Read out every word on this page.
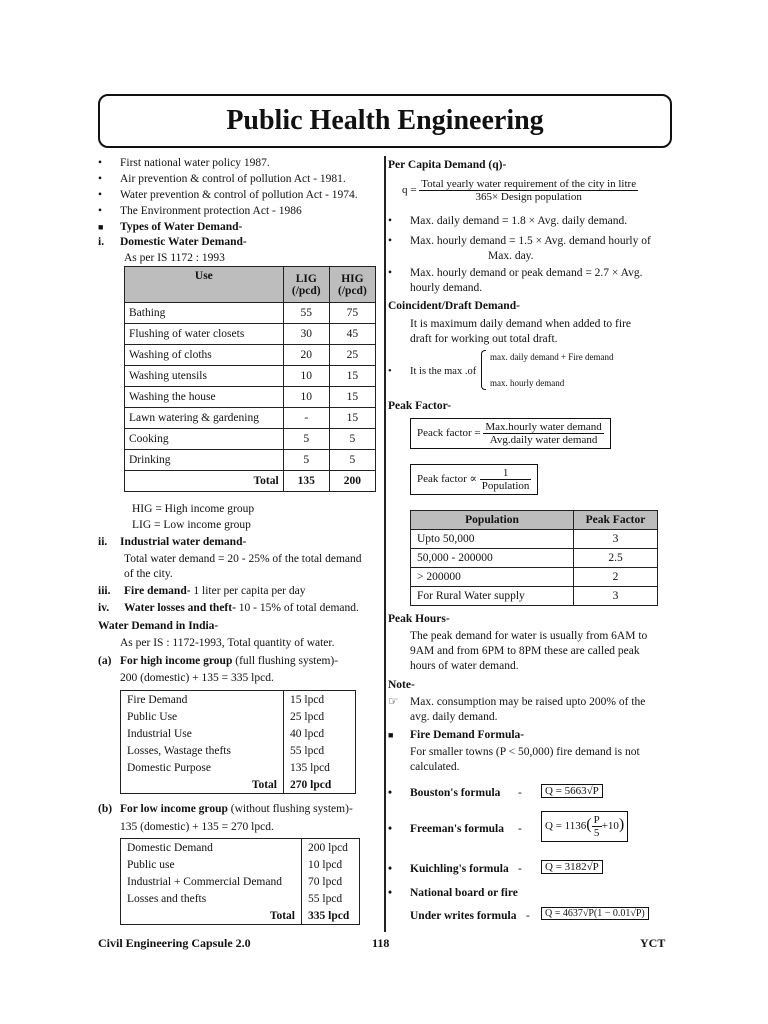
Public Health Engineering
• First national water policy 1987.
• Air prevention & control of pollution Act - 1981.
• Water prevention & control of pollution Act - 1974.
• The Environment protection Act - 1986
■ Types of Water Demand-
i. Domestic Water Demand-
As per IS 1172 : 1993
Use	LIG (/pcd)	HIG (/pcd)
Bathing	55	75
Flushing of water closets	30	45
Washing of cloths	20	25
Washing utensils	10	15
Washing the house	10	15
Lawn watering & gardening	-	15
Cooking	5	5
Drinking	5	5
Total	135	200
HIG = High income group
LIG = Low income group
ii. Industrial water demand-
Total water demand = 20 - 25% of the total demand
of the city.
iii. Fire demand- 1 liter per capita per day
iv. Water losses and theft- 10 - 15% of total demand.
Water Demand in India-
As per IS : 1172-1993, Total quantity of water.
(a) For high income group (full flushing system)-
200 (domestic) + 135 = 335 lpcd.
Fire Demand	15 lpcd
Public Use	25 lpcd
Industrial Use	40 lpcd
Losses, Wastage thefts	55 lpcd
Domestic Purpose	135 lpcd
Total	270 lpcd
(b) For low income group (without flushing system)-
135 (domestic) + 135 = 270 lpcd.
Domestic Demand	200 lpcd
Public use	10 lpcd
Industrial + Commercial Demand	70 lpcd
Losses and thefts	55 lpcd
Total	335 lpcd
Per Capita Demand (q)-
$q = \frac{\text{Total yearly water requirement of the city in litre}}{\text{365× Design population}}$
• Max. daily demand = 1.8 × Avg. daily demand.
• Max. hourly demand = 1.5 × Avg. demand hourly of
Max. day.
• Max. hourly demand or peak demand = 2.7 × Avg.
hourly demand.
Coincident/Draft Demand-
It is maximum daily demand when added to fire
draft for working out total draft.
• It is the max .of
max. daily demand + Fire demand
max. hourly demand
Peak Factor-
Peack factor = $\frac{\text{Max.hourly water demand}}{\text{Avg.daily water demand}}$
Peak factor ∝ $\frac{1}{\text{Population}}$
Population	Peak Factor
Upto 50,000	3
50,000 - 200000	2.5
> 200000	2
For Rural Water supply	3
Peak Hours-
The peak demand for water is usually from 6AM to
9AM and from 6PM to 8PM these are called peak
hours of water demand.
Note-
☞ Max. consumption may be raised upto 200% of the
avg. daily demand.
■ Fire Demand Formula-
For smaller towns (P < 50,000) fire demand is not
calculated.
• Bouston's formula -	Q = 5663√P
• Freeman's formula -	$Q = 1136( \frac{P}{5} +10)$
• Kuichling's formula -	Q = 3182√P
• National board or fire
Under writes formula -	Q = 4637√P(1 − 0.01√P)
Civil Engineering Capsule 2.0	118	YCT
